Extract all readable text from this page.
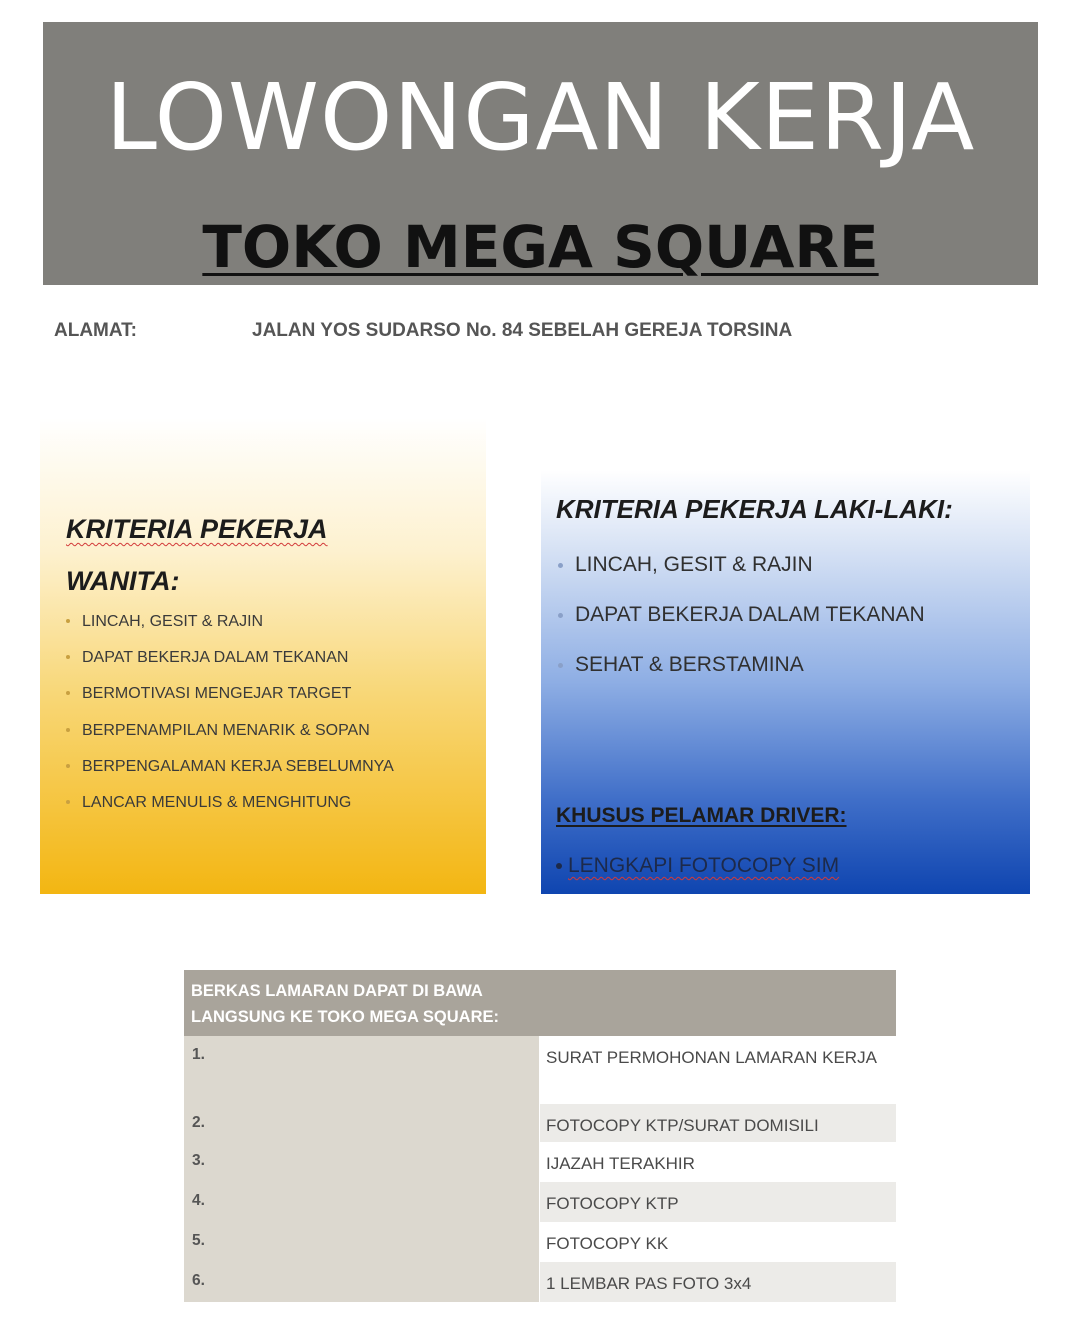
LOWONGAN KERJA
TOKO MEGA SQUARE
ALAMAT:	JALAN YOS SUDARSO No. 84 SEBELAH GEREJA TORSINA
KRITERIA PEKERJA
WANITA:
LINCAH, GESIT & RAJIN
DAPAT BEKERJA DALAM TEKANAN
BERMOTIVASI MENGEJAR TARGET
BERPENAMPILAN MENARIK & SOPAN
BERPENGALAMAN KERJA SEBELUMNYA
LANCAR MENULIS & MENGHITUNG
KRITERIA PEKERJA LAKI-LAKI:
LINCAH, GESIT & RAJIN
DAPAT BEKERJA DALAM TEKANAN
SEHAT & BERSTAMINA
KHUSUS PELAMAR DRIVER:
LENGKAPI FOTOCOPY SIM
BERKAS LAMARAN DAPAT DI BAWA
LANGSUNG KE TOKO MEGA SQUARE:
1.	SURAT PERMOHONAN LAMARAN KERJA
2.	FOTOCOPY KTP/SURAT DOMISILI
3.	IJAZAH TERAKHIR
4.	FOTOCOPY KTP
5.	FOTOCOPY KK
6.	1 LEMBAR PAS FOTO 3x4
